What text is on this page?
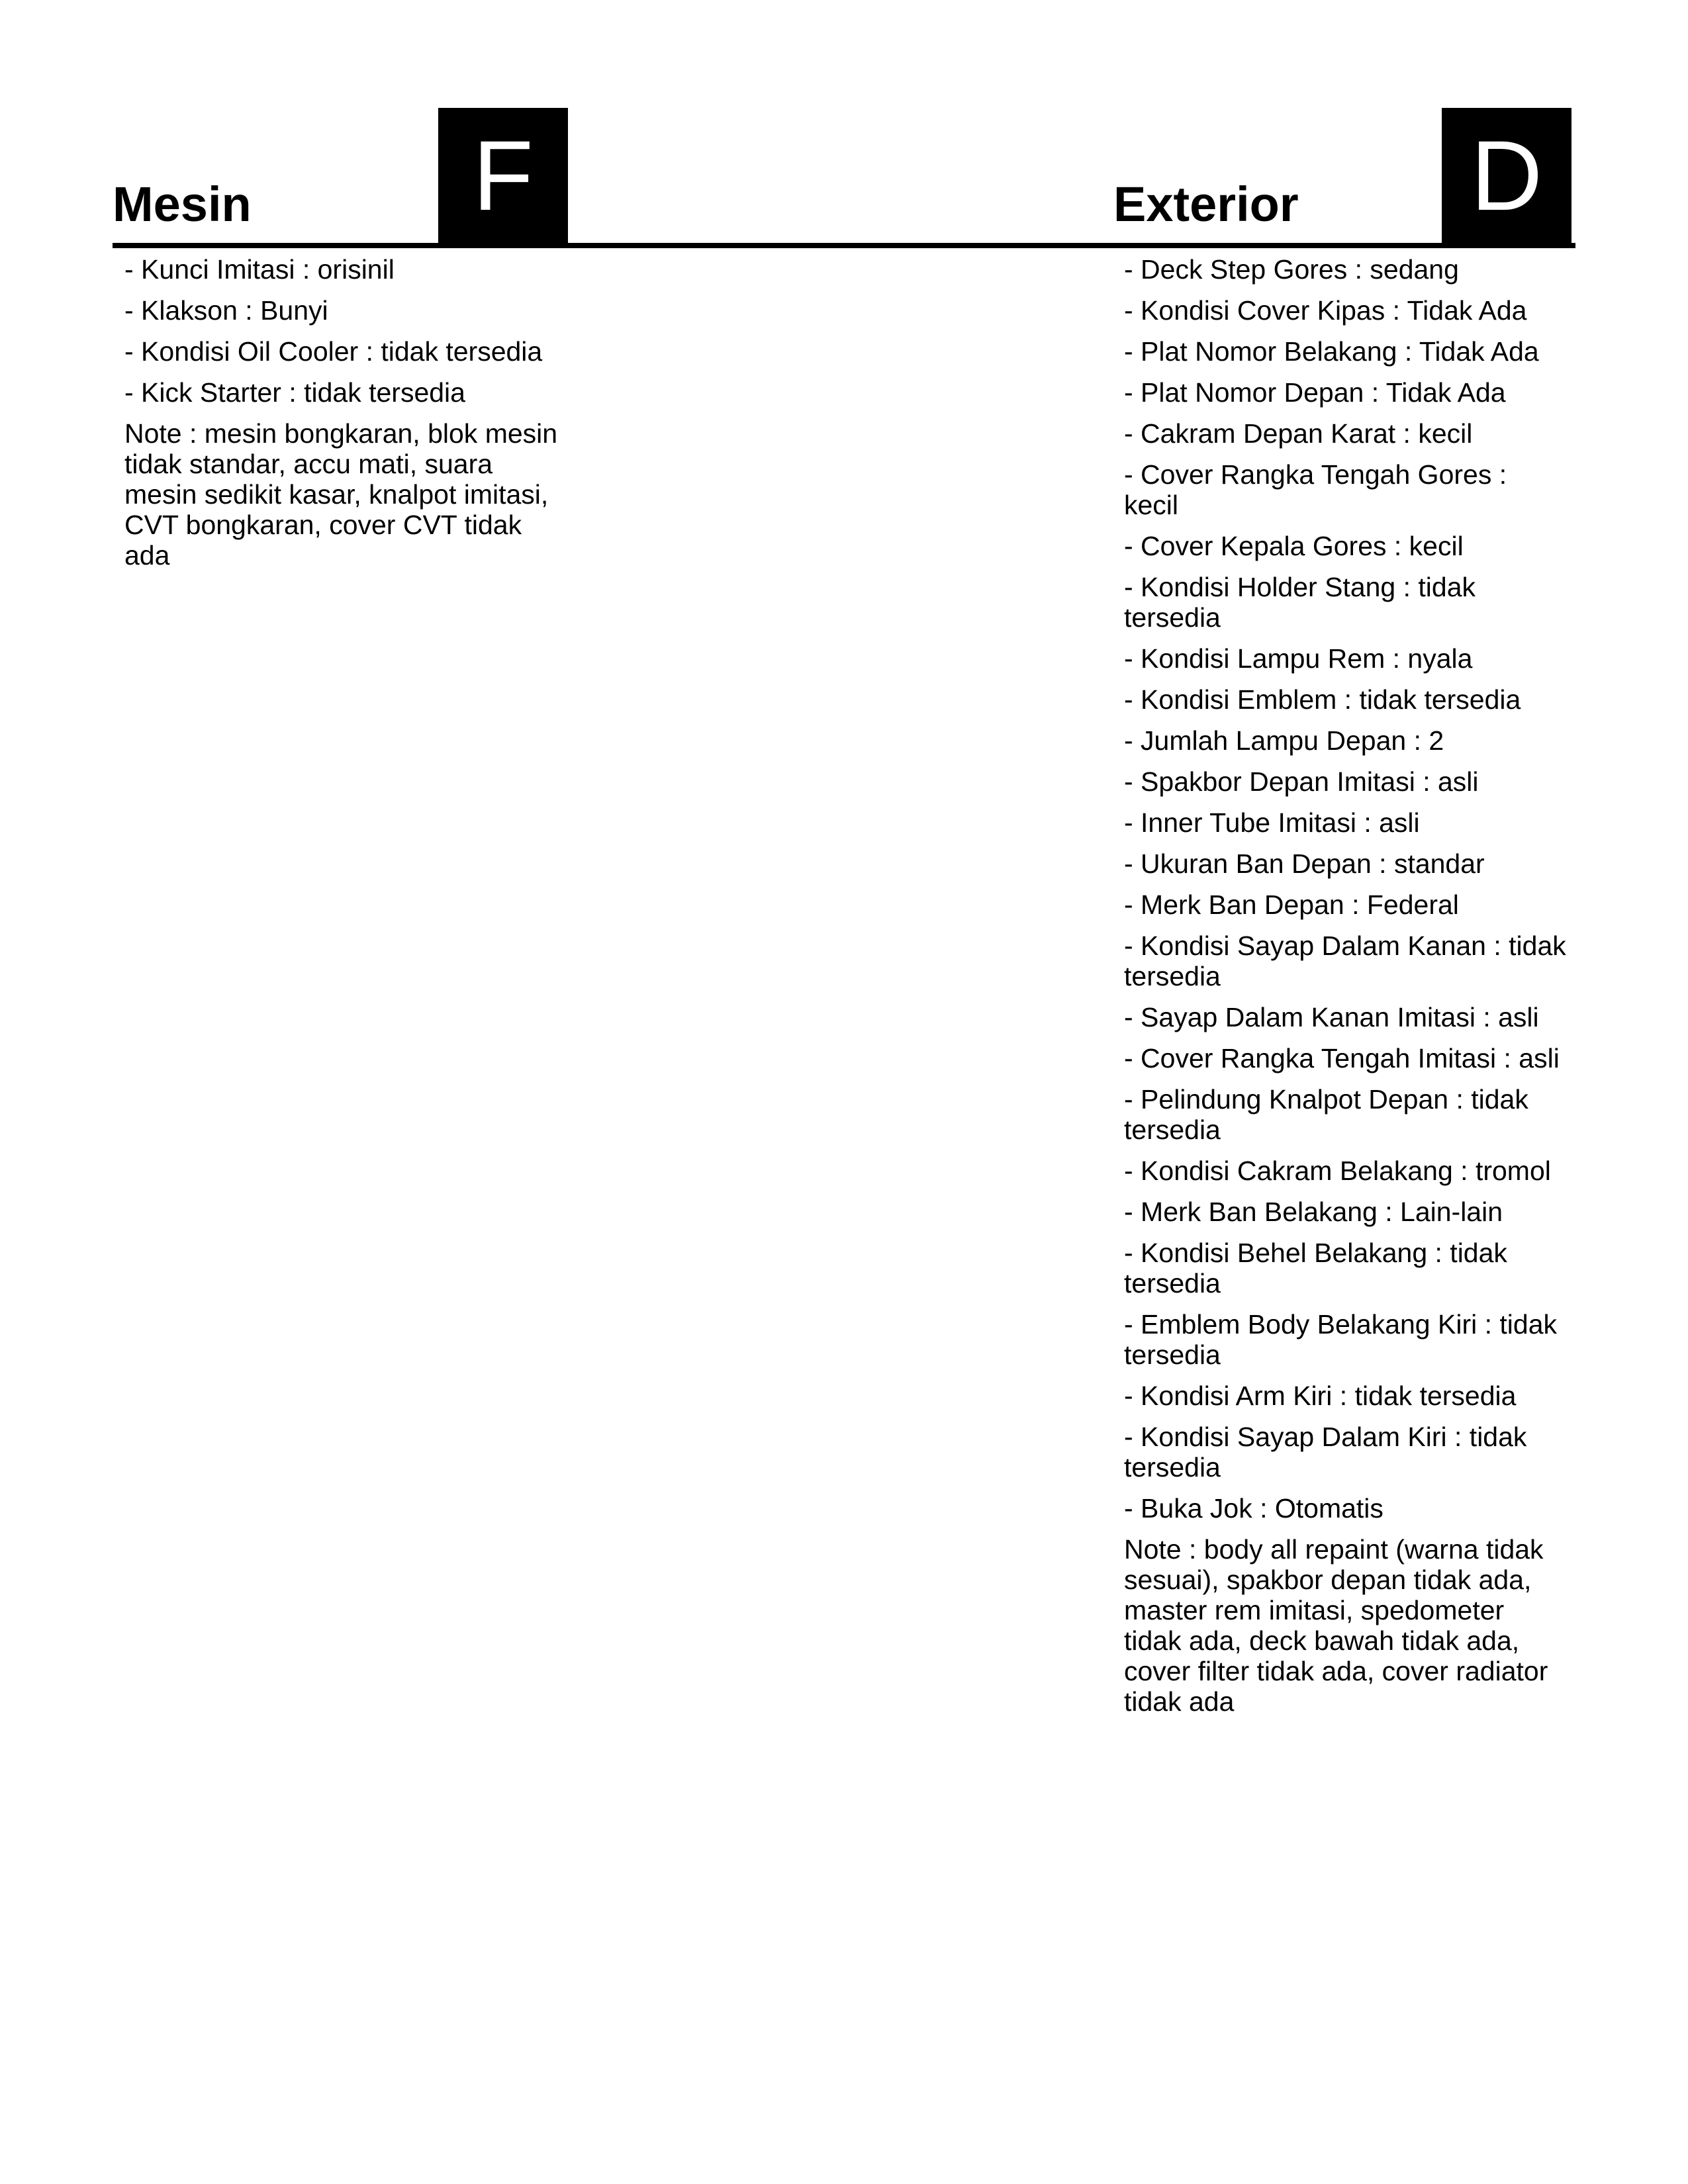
Mesin	F	Exterior D
- Kunci Imitasi : orisinil
- Klakson : Bunyi
- Kondisi Oil Cooler : tidak tersedia
- Kick Starter : tidak tersedia
Note : mesin bongkaran, blok mesin tidak standar, accu mati, suara mesin sedikit kasar, knalpot imitasi, CVT bongkaran, cover CVT tidak ada
- Deck Step Gores : sedang
- Kondisi Cover Kipas : Tidak Ada
- Plat Nomor Belakang : Tidak Ada
- Plat Nomor Depan : Tidak Ada
- Cakram Depan Karat : kecil
- Cover Rangka Tengah Gores : kecil
- Cover Kepala Gores : kecil
- Kondisi Holder Stang : tidak tersedia
- Kondisi Lampu Rem : nyala
- Kondisi Emblem : tidak tersedia
- Jumlah Lampu Depan : 2
- Spakbor Depan Imitasi : asli
- Inner Tube Imitasi : asli
- Ukuran Ban Depan : standar
- Merk Ban Depan : Federal
- Kondisi Sayap Dalam Kanan : tidak tersedia
- Sayap Dalam Kanan Imitasi : asli
- Cover Rangka Tengah Imitasi : asli
- Pelindung Knalpot Depan : tidak tersedia
- Kondisi Cakram Belakang : tromol
- Merk Ban Belakang : Lain-lain
- Kondisi Behel Belakang : tidak tersedia
- Emblem Body Belakang Kiri : tidak tersedia
- Kondisi Arm Kiri : tidak tersedia
- Kondisi Sayap Dalam Kiri : tidak tersedia
- Buka Jok : Otomatis
Note : body all repaint (warna tidak sesuai), spakbor depan tidak ada, master rem imitasi, spedometer tidak ada, deck bawah tidak ada, cover filter tidak ada, cover radiator tidak ada
